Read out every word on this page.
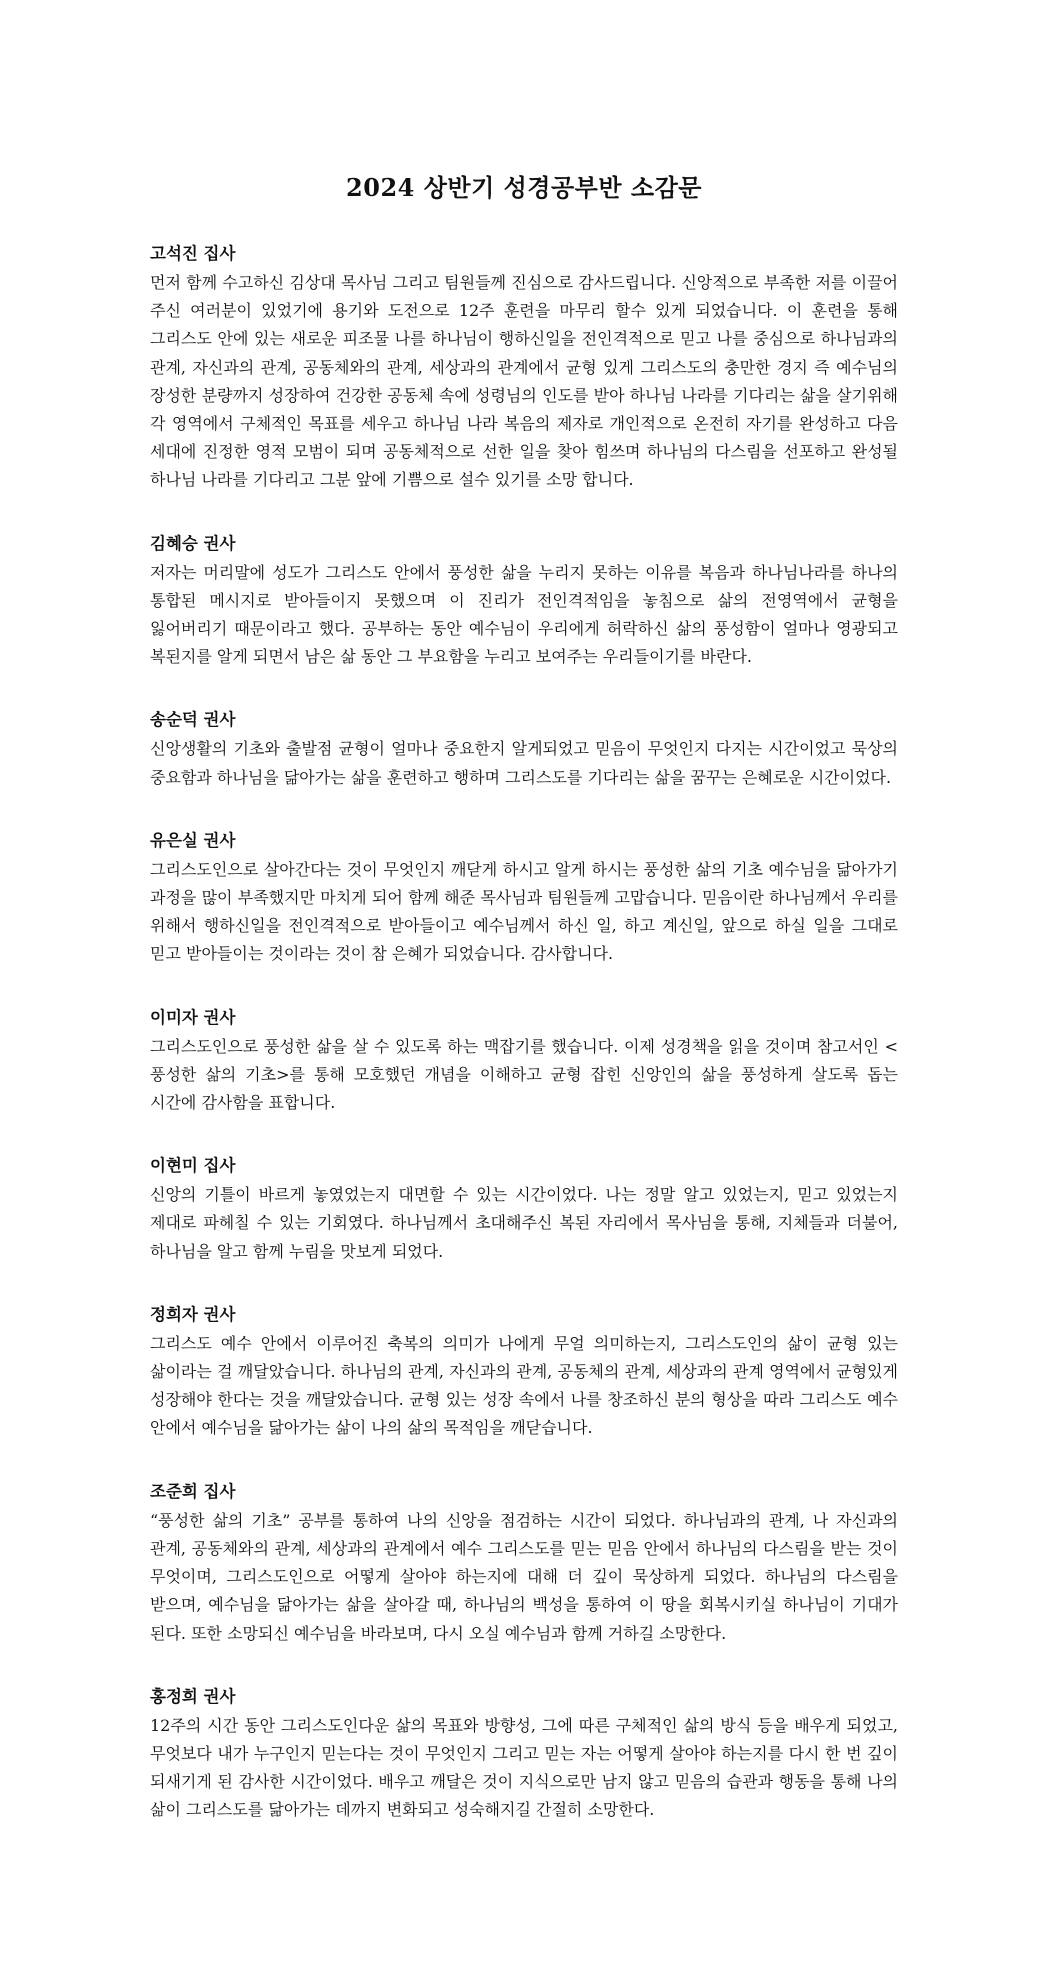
2024 상반기 성경공부반 소감문
고석진 집사

먼저 함께 수고하신 김상대 목사님 그리고 팀원들께 진심으로 감사드립니다. 신앙적으로 부족한 저를 이끌어 주신 여러분이 있었기에 용기와 도전으로 12주 훈련을 마무리 할수 있게 되었습니다. 이 훈련을 통해 그리스도 안에 있는 새로운 피조물 나를 하나님이 행하신일을 전인격적으로 믿고 나를 중심으로 하나님과의 관계, 자신과의 관계, 공동체와의 관계, 세상과의 관계에서 균형 있게 그리스도의 충만한 경지 즉 예수님의 장성한 분량까지 성장하여 건강한 공동체 속에 성령님의 인도를 받아 하나님 나라를 기다리는 삶을 살기위해 각 영역에서 구체적인 목표를 세우고 하나님 나라 복음의 제자로 개인적으로 온전히 자기를 완성하고 다음 세대에 진정한 영적 모범이 되며 공동체적으로 선한 일을 찾아 힘쓰며 하나님의 다스림을 선포하고 완성될 하나님 나라를 기다리고 그분 앞에 기쁨으로 설수 있기를 소망 합니다.

김혜승 권사

저자는 머리말에 성도가 그리스도 안에서 풍성한 삶을 누리지 못하는 이유를 복음과 하나님나라를 하나의 통합된 메시지로 받아들이지 못했으며 이 진리가 전인격적임을 놓침으로 삶의 전영역에서 균형을 잃어버리기 때문이라고 했다. 공부하는 동안 예수님이 우리에게 허락하신 삶의 풍성함이 얼마나 영광되고 복된지를 알게 되면서 남은 삶 동안 그 부요함을 누리고 보여주는 우리들이기를 바란다.

송순덕 권사

신앙생활의 기초와 출발점 균형이 얼마나 중요한지 알게되었고 믿음이 무엇인지 다지는 시간이었고 묵상의 중요함과 하나님을 닮아가는 삶을 훈련하고 행하며 그리스도를 기다리는 삶을 꿈꾸는 은혜로운 시간이었다.

유은실 권사

그리스도인으로 살아간다는 것이 무엇인지 깨닫게 하시고 알게 하시는 풍성한 삶의 기초 예수님을 닮아가기 과정을 많이 부족했지만 마치게 되어 함께 해준 목사님과 팀원들께 고맙습니다. 믿음이란 하나님께서 우리를 위해서 행하신일을 전인격적으로 받아들이고 예수님께서 하신 일, 하고 계신일, 앞으로 하실 일을 그대로 믿고 받아들이는 것이라는 것이 참 은혜가 되었습니다. 감사합니다.

이미자 권사

그리스도인으로 풍성한 삶을 살 수 있도록 하는 맥잡기를 했습니다. 이제 성경책을 읽을 것이며 참고서인 <풍성한 삶의 기초>를 통해 모호했던 개념을 이해하고 균형 잡힌 신앙인의 삶을 풍성하게 살도록 돕는 시간에 감사함을 표합니다.

이현미 집사

신앙의 기틀이 바르게 놓였었는지 대면할 수 있는 시간이었다. 나는 정말 알고 있었는지, 믿고 있었는지 제대로 파헤칠 수 있는 기회였다. 하나님께서 초대해주신 복된 자리에서 목사님을 통해, 지체들과 더불어, 하나님을 알고 함께 누림을 맛보게 되었다.

정희자 권사

그리스도 예수 안에서 이루어진 축복의 의미가 나에게 무얼 의미하는지, 그리스도인의 삶이 균형 있는 삶이라는 걸 깨달았습니다. 하나님의 관계, 자신과의 관계, 공동체의 관계, 세상과의 관계 영역에서 균형있게 성장해야 한다는 것을 깨달았습니다. 균형 있는 성장 속에서 나를 창조하신 분의 형상을 따라 그리스도 예수 안에서 예수님을 닮아가는 삶이 나의 삶의 목적임을 깨닫습니다.

조준희 집사

“풍성한 삶의 기초” 공부를 통하여 나의 신앙을 점검하는 시간이 되었다. 하나님과의 관계, 나 자신과의 관계, 공동체와의 관계, 세상과의 관계에서 예수 그리스도를 믿는 믿음 안에서 하나님의 다스림을 받는 것이 무엇이며, 그리스도인으로 어떻게 살아야 하는지에 대해 더 깊이 묵상하게 되었다. 하나님의 다스림을 받으며, 예수님을 닮아가는 삶을 살아갈 때, 하나님의 백성을 통하여 이 땅을 회복시키실 하나님이 기대가 된다. 또한 소망되신 예수님을 바라보며, 다시 오실 예수님과 함께 거하길 소망한다.

홍정희 권사

12주의 시간 동안 그리스도인다운 삶의 목표와 방향성, 그에 따른 구체적인 삶의 방식 등을 배우게 되었고, 무엇보다 내가 누구인지 믿는다는 것이 무엇인지 그리고 믿는 자는 어떻게 살아야 하는지를 다시 한 번 깊이 되새기게 된 감사한 시간이었다. 배우고 깨달은 것이 지식으로만 남지 않고 믿음의 습관과 행동을 통해 나의 삶이 그리스도를 닮아가는 데까지 변화되고 성숙해지길 간절히 소망한다.
